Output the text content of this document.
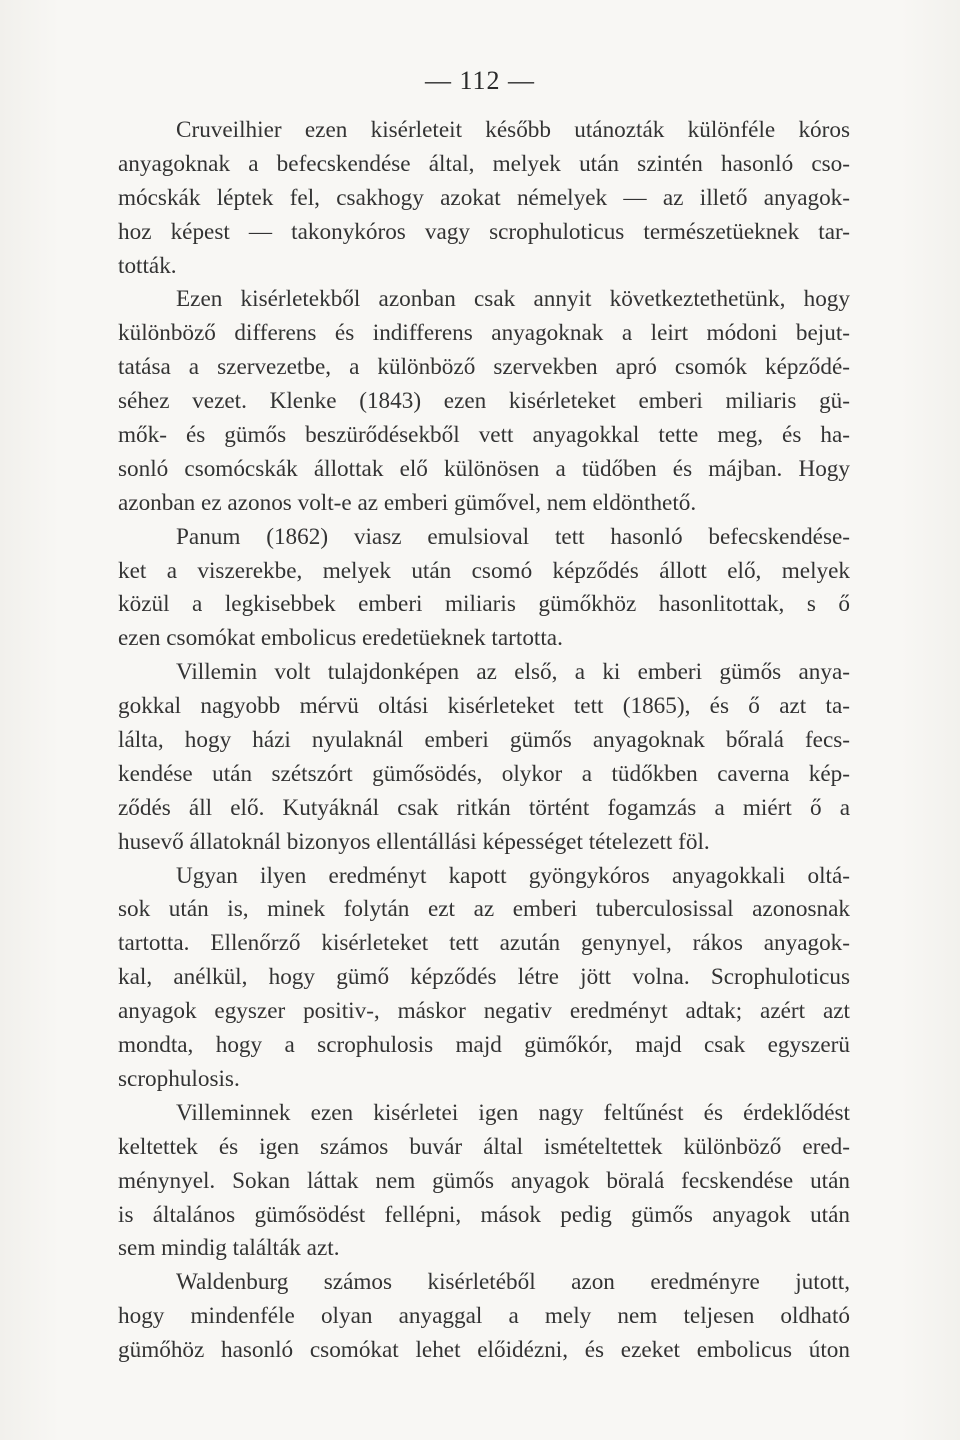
— 112 —
Cruveilhier ezen kisérleteit később utánozták különféle kóros
anyagoknak a befecskendése által, melyek után szintén hasonló cso-
mócskák léptek fel, csakhogy azokat némelyek — az illető anyagok-
hoz képest — takonykóros vagy scrophuloticus természetüeknek tar-
tották.
Ezen kisérletekből azonban csak annyit következtethetünk, hogy
különböző differens és indifferens anyagoknak a leirt módoni bejut-
tatása a szervezetbe, a különböző szervekben apró csomók képződé-
séhez vezet. Klenke (1843) ezen kisérleteket emberi miliaris gü-
mők- és gümős beszürődésekből vett anyagokkal tette meg, és ha-
sonló csomócskák állottak elő különösen a tüdőben és májban. Hogy
azonban ez azonos volt-e az emberi gümővel, nem eldönthető.
Panum (1862) viasz emulsioval tett hasonló befecskendése-
ket a viszerekbe, melyek után csomó képződés állott elő, melyek
közül a legkisebbek emberi miliaris gümőkhöz hasonlitottak, s ő
ezen csomókat embolicus eredetüeknek tartotta.
Villemin volt tulajdonképen az első, a ki emberi gümős anya-
gokkal nagyobb mérvü oltási kisérleteket tett (1865), és ő azt ta-
lálta, hogy házi nyulaknál emberi gümős anyagoknak bőralá fecs-
kendése után szétszórt gümősödés, olykor a tüdőkben caverna kép-
ződés áll elő. Kutyáknál csak ritkán történt fogamzás a miért ő a
husevő állatoknál bizonyos ellentállási képességet tételezett föl.
Ugyan ilyen eredményt kapott gyöngykóros anyagokkali oltá-
sok után is, minek folytán ezt az emberi tuberculosissal azonosnak
tartotta. Ellenőrző kisérleteket tett azután genynyel, rákos anyagok-
kal, anélkül, hogy gümő képződés létre jött volna. Scrophuloticus
anyagok egyszer positiv-, máskor negativ eredményt adtak; azért azt
mondta, hogy a scrophulosis majd gümőkór, majd csak egyszerü
scrophulosis.
Villeminnek ezen kisérletei igen nagy feltűnést és érdeklődést
keltettek és igen számos buvár által ismételtettek különböző ered-
ménynyel. Sokan láttak nem gümős anyagok böralá fecskendése után
is általános gümősödést fellépni, mások pedig gümős anyagok után
sem mindig találták azt.
Waldenburg számos kisérletéből azon eredményre jutott,
hogy mindenféle olyan anyaggal a mely nem teljesen oldható
gümőhöz hasonló csomókat lehet előidézni, és ezeket embolicus úton
